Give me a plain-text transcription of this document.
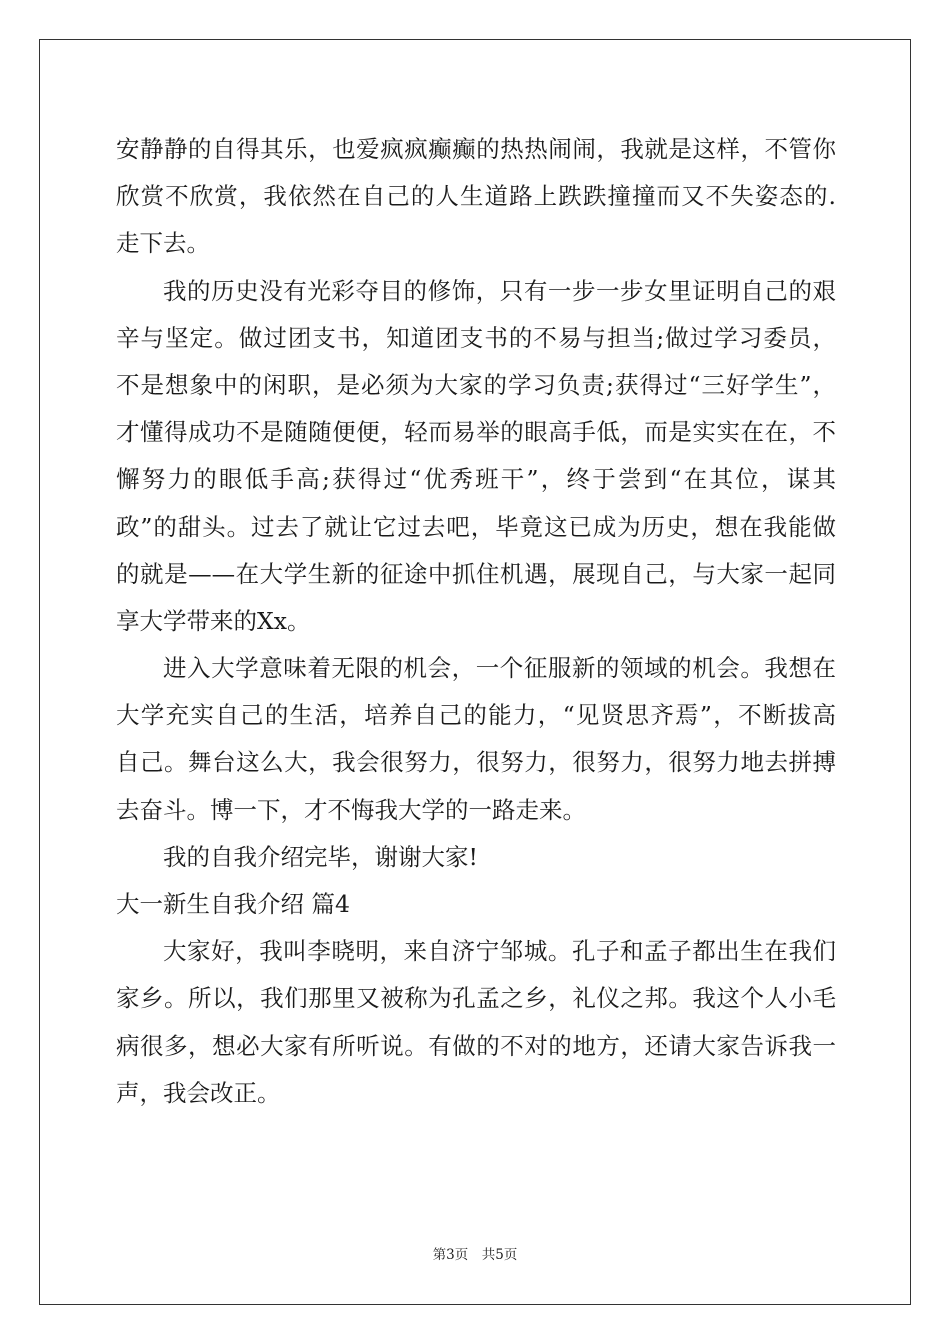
安静静的自得其乐，也爱疯疯癫癫的热热闹闹，我就是这样，不管你
欣赏不欣赏，我依然在自己的人生道路上跌跌撞撞而又不失姿态的.
走下去。
我的历史没有光彩夺目的修饰，只有一步一步女里证明自己的艰
辛与坚定。做过团支书，知道团支书的不易与担当;做过学习委员，
不是想象中的闲职，是必须为大家的学习负责;获得过“三好学生”，
才懂得成功不是随随便便，轻而易举的眼高手低，而是实实在在，不
懈努力的眼低手高;获得过“优秀班干”，终于尝到“在其位，谋其
政”的甜头。过去了就让它过去吧，毕竟这已成为历史，想在我能做
的就是——在大学生新的征途中抓住机遇，展现自己，与大家一起同
享大学带来的Xx。
进入大学意味着无限的机会，一个征服新的领域的机会。我想在
大学充实自己的生活，培养自己的能力，“见贤思齐焉”，不断拔高
自己。舞台这么大，我会很努力，很努力，很努力，很努力地去拼搏
去奋斗。博一下，才不悔我大学的一路走来。
我的自我介绍完毕，谢谢大家!
大一新生自我介绍 篇4
大家好，我叫李晓明，来自济宁邹城。孔子和孟子都出生在我们
家乡。所以，我们那里又被称为孔孟之乡，礼仪之邦。我这个人小毛
病很多，想必大家有所听说。有做的不对的地方，还请大家告诉我一
声，我会改正。
第3页　共5页
